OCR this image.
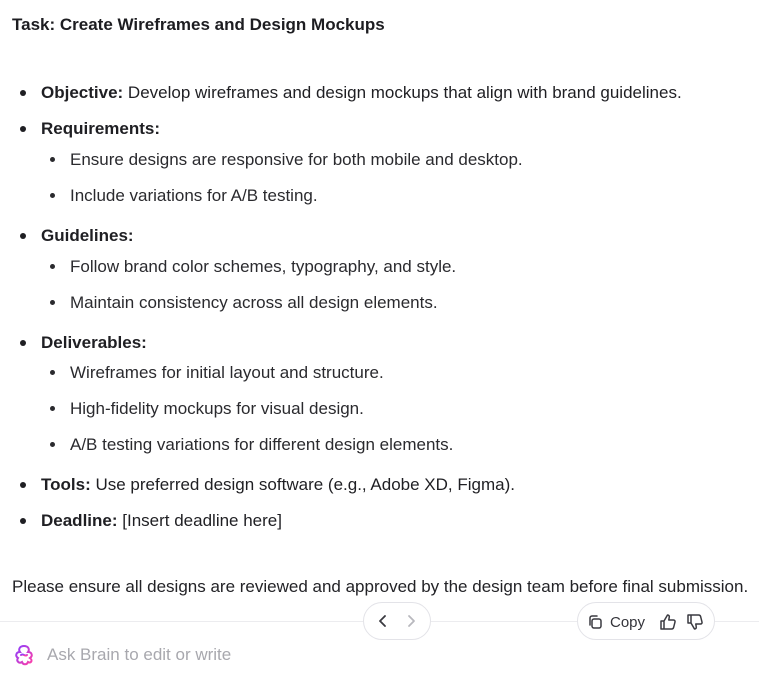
Task: Create Wireframes and Design Mockups
Objective: Develop wireframes and design mockups that align with brand guidelines.
Requirements:
Ensure designs are responsive for both mobile and desktop.
Include variations for A/B testing.
Guidelines:
Follow brand color schemes, typography, and style.
Maintain consistency across all design elements.
Deliverables:
Wireframes for initial layout and structure.
High-fidelity mockups for visual design.
A/B testing variations for different design elements.
Tools: Use preferred design software (e.g., Adobe XD, Figma).
Deadline: [Insert deadline here]
Please ensure all designs are reviewed and approved by the design team before final submission.
Copy
Ask Brain to edit or write
